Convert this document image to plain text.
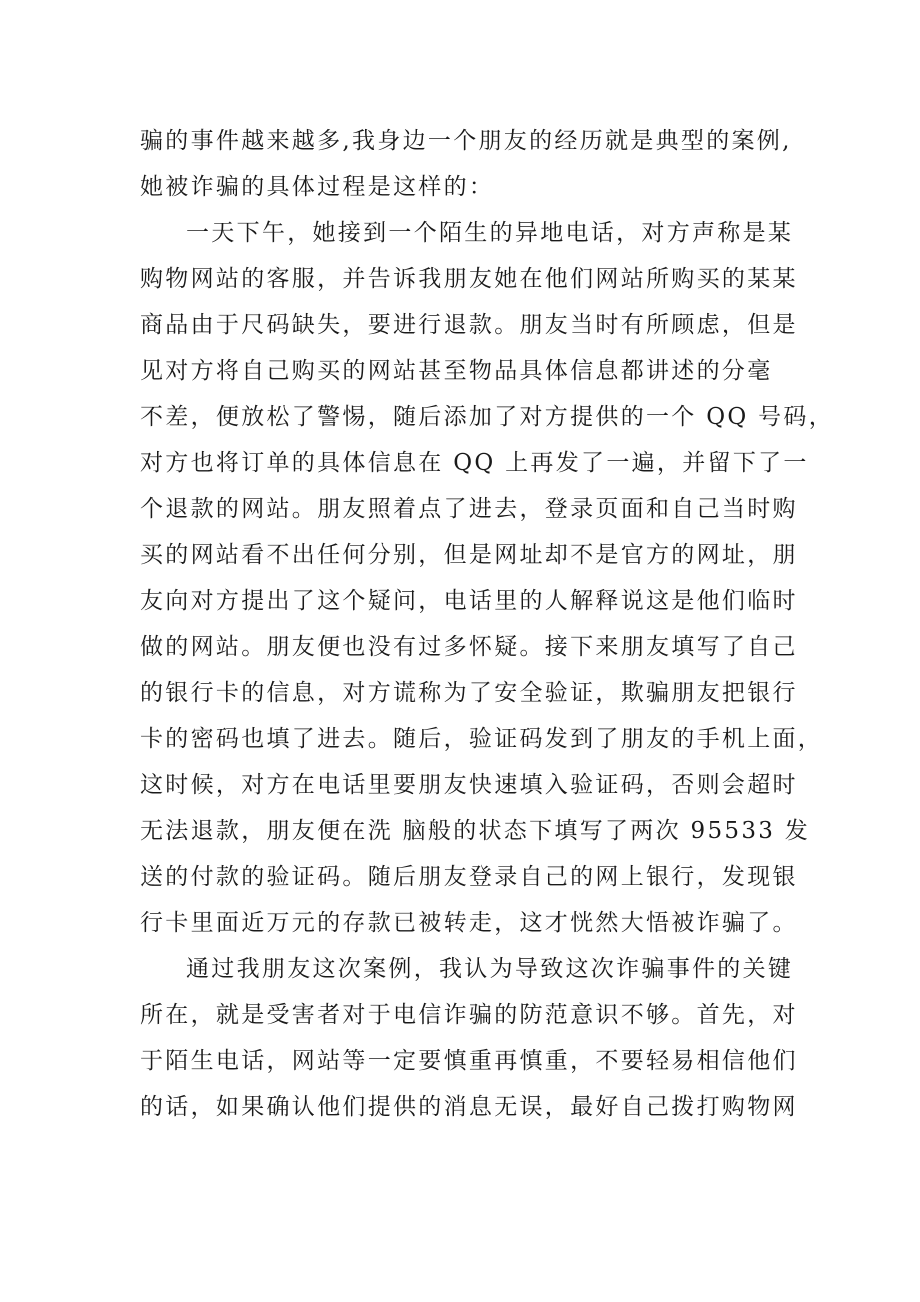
骗的事件越来越多,我身边一个朋友的经历就是典型的案例,
她被诈骗的具体过程是这样的：
一天下午，她接到一个陌生的异地电话，对方声称是某
购物网站的客服，并告诉我朋友她在他们网站所购买的某某
商品由于尺码缺失，要进行退款。朋友当时有所顾虑，但是
见对方将自己购买的网站甚至物品具体信息都讲述的分毫
不差，便放松了警惕，随后添加了对方提供的一个 QQ 号码，
对方也将订单的具体信息在 QQ 上再发了一遍，并留下了一
个退款的网站。朋友照着点了进去，登录页面和自己当时购
买的网站看不出任何分别，但是网址却不是官方的网址，朋
友向对方提出了这个疑问，电话里的人解释说这是他们临时
做的网站。朋友便也没有过多怀疑。接下来朋友填写了自己
的银行卡的信息，对方谎称为了安全验证，欺骗朋友把银行
卡的密码也填了进去。随后，验证码发到了朋友的手机上面，
这时候，对方在电话里要朋友快速填入验证码，否则会超时
无法退款，朋友便在洗 脑般的状态下填写了两次 95533 发
送的付款的验证码。随后朋友登录自己的网上银行，发现银
行卡里面近万元的存款已被转走，这才恍然大悟被诈骗了。
通过我朋友这次案例，我认为导致这次诈骗事件的关键
所在，就是受害者对于电信诈骗的防范意识不够。首先，对
于陌生电话，网站等一定要慎重再慎重，不要轻易相信他们
的话，如果确认他们提供的消息无误，最好自己拨打购物网
